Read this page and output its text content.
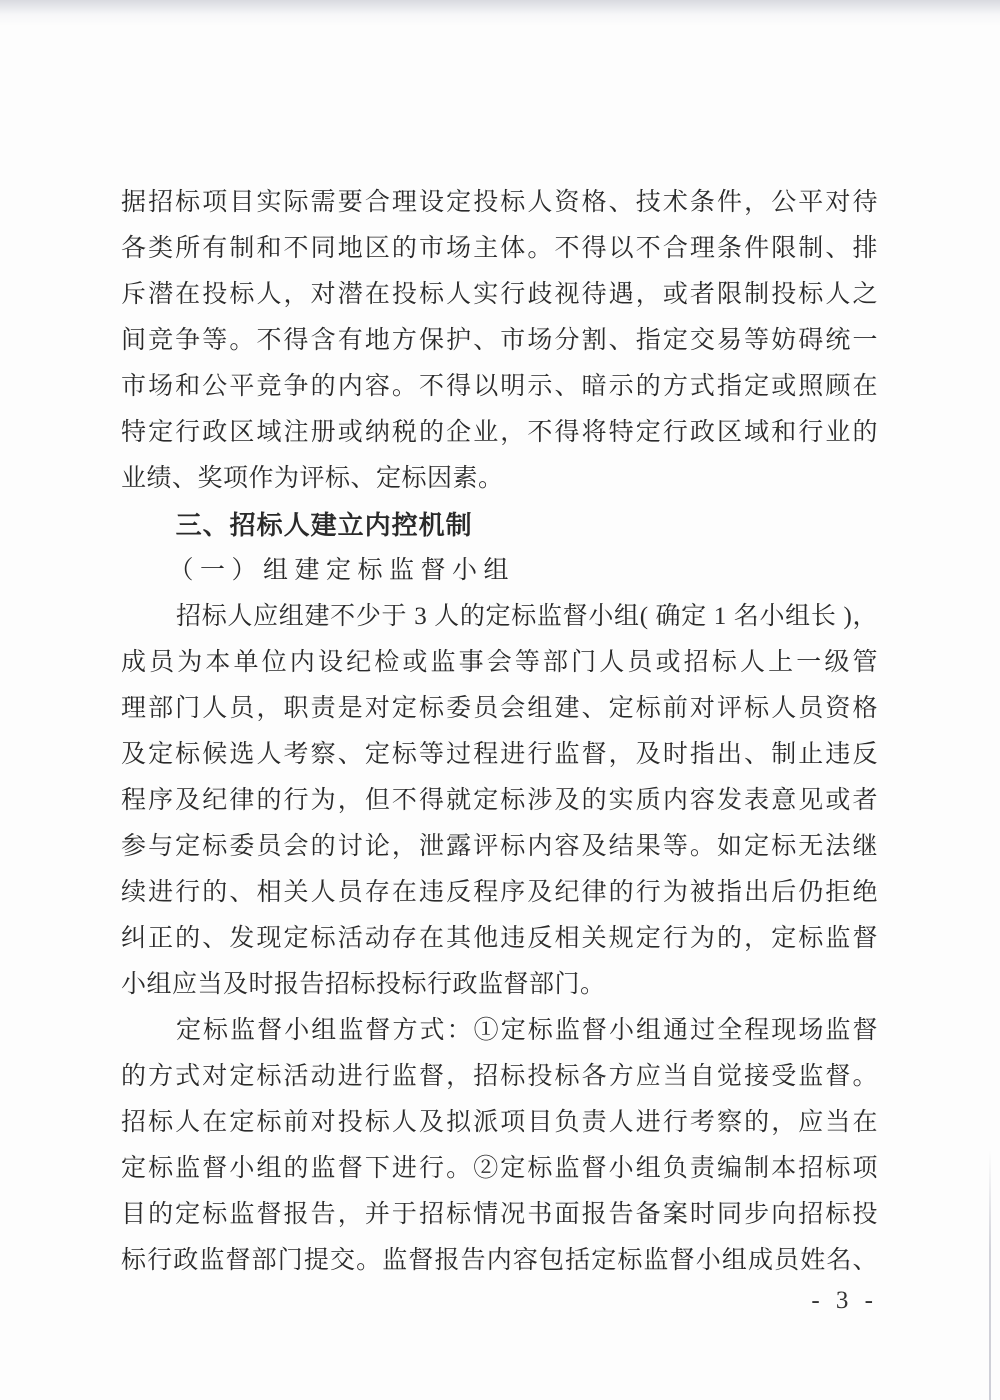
据招标项目实际需要合理设定投标人资格、技术条件，公平对待
各类所有制和不同地区的市场主体。不得以不合理条件限制、排
斥潜在投标人，对潜在投标人实行歧视待遇，或者限制投标人之
间竞争等。不得含有地方保护、市场分割、指定交易等妨碍统一
市场和公平竞争的内容。不得以明示、暗示的方式指定或照顾在
特定行政区域注册或纳税的企业，不得将特定行政区域和行业的
业绩、奖项作为评标、定标因素。
三、招标人建立内控机制
（一）组建定标监督小组
招标人应组建不少于 3 人的定标监督小组( 确定 1 名小组长 )，
成员为本单位内设纪检或监事会等部门人员或招标人上一级管
理部门人员，职责是对定标委员会组建、定标前对评标人员资格
及定标候选人考察、定标等过程进行监督，及时指出、制止违反
程序及纪律的行为，但不得就定标涉及的实质内容发表意见或者
参与定标委员会的讨论，泄露评标内容及结果等。如定标无法继
续进行的、相关人员存在违反程序及纪律的行为被指出后仍拒绝
纠正的、发现定标活动存在其他违反相关规定行为的，定标监督
小组应当及时报告招标投标行政监督部门。
定标监督小组监督方式：①定标监督小组通过全程现场监督
的方式对定标活动进行监督，招标投标各方应当自觉接受监督。
招标人在定标前对投标人及拟派项目负责人进行考察的，应当在
定标监督小组的监督下进行。②定标监督小组负责编制本招标项
目的定标监督报告，并于招标情况书面报告备案时同步向招标投
标行政监督部门提交。监督报告内容包括定标监督小组成员姓名、
- 3 -
